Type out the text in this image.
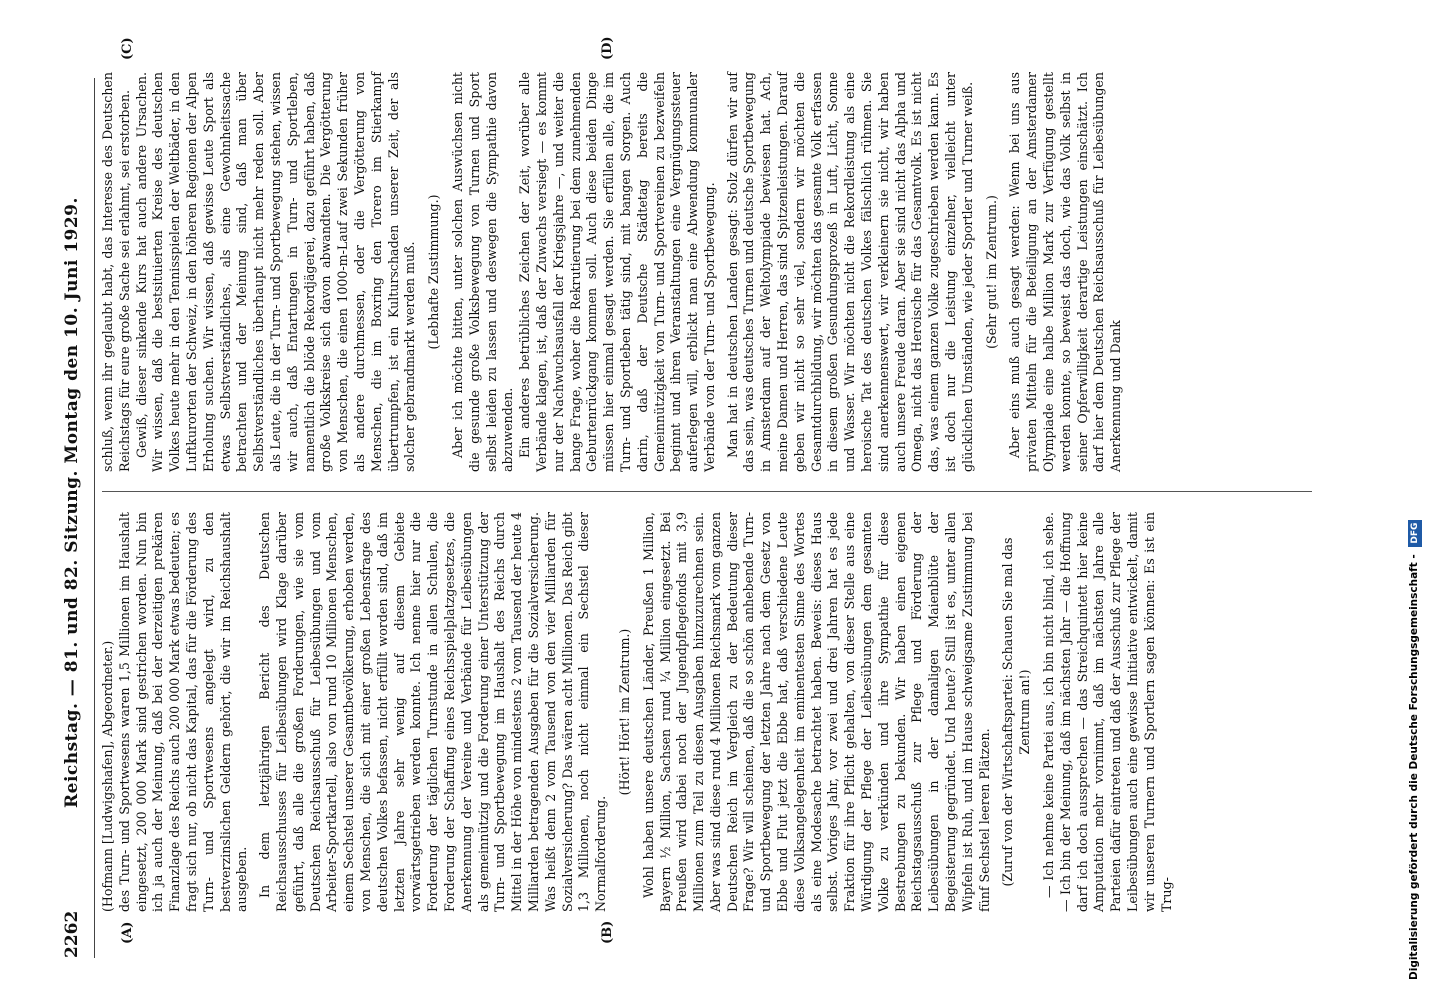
2262
Reichstag. — 81. und 82. Sitzung. Montag den 10. Juni 1929.
(A)	(B)
(C)	(D)

(Hofmann [Ludwigshafen], Abgeordneter.) des Turn- und Sportwesens waren 1,5 Millionen im Haushalt eingesetzt, 200 000 Mark sind gestrichen worden. Nun bin ich ja auch der Meinung, daß bei der derzeitigen prekären Finanzlage des Reichs auch 200 000 Mark etwas bedeuten; es fragt sich nur, ob nicht das Kapital, das für die Förderung des Turn- und Sportwesens angelegt wird, zu den bestverzinslichen Geldern gehört, die wir im Reichshaushalt ausgeben. In dem letztjährigen Bericht des Deutschen Reichsausschusses für Leibesübungen wird Klage darüber geführt, daß alle die großen Forderungen, wie sie vom Deutschen Reichsausschuß für Leibesübungen und vom Arbeiter-Sportkartell, also von rund 10 Millionen Menschen, einem Sechstel unserer Gesamtbevölkerung, erhoben werden, von Menschen, die sich mit einer großen Lebensfrage des deutschen Volkes befassen, nicht erfüllt worden sind, daß im letzten Jahre sehr wenig auf diesem Gebiete vorwärtsgetrieben werden konnte. Ich nenne hier nur die Forderung der täglichen Turnstunde in allen Schulen, die Forderung der Schaffung eines Reichsspielplatzgesetzes, die Anerkennung der Vereine und Verbände für Leibesübungen als gemeinnützig und die Forderung einer Unterstützung der Turn- und Sportbewegung im Haushalt des Reichs durch Mittel in der Höhe von mindestens 2 vom Tausend der heute 4 Milliarden betragenden Ausgaben für die Sozialversicherung. Was heißt denn 2 vom Tausend von den vier Milliarden für Sozialversicherung? Das wären acht Millionen. Das Reich gibt 1,3 Millionen, noch nicht einmal ein Sechstel dieser Normalforderung.

(Hört! Hört! im Zentrum.) Wohl haben unsere deutschen Länder, Preußen 1 Million, Bayern ½ Million, Sachsen rund ¼ Million eingesetzt. Bei Preußen wird dabei noch der Jugendpflegefonds mit 3,9 Millionen zum Teil zu diesen Ausgaben hinzuzurechnen sein. Aber was sind diese rund 4 Millionen Reichsmark vom ganzen Deutschen Reich im Vergleich zu der Bedeutung dieser Frage? Wir will scheinen, daß die so schön anhebende Turn- und Sportbewegung der letzten Jahre nach dem Gesetz von Ebbe und Flut jetzt die Ebbe hat, daß verschiedene Leute diese Volksangelegenheit im eminentesten Sinne des Wortes als eine Modesache betrachtet haben. Beweis: dieses Haus selbst. Voriges Jahr, vor zwei und drei Jahren hat es jede Fraktion für ihre Pflicht gehalten, von dieser Stelle aus eine Würdigung der Pflege der Leibesübungen dem gesamten Volke zu verkünden und ihre Sympathie für diese Bestrebungen zu bekunden. Wir haben einen eigenen Reichstagsausschuß zur Pflege und Förderung der Leibesübungen in der damaligen Maienblüte der Begeisterung gegründet. Und heute? Still ist es, unter allen Wipfeln ist Ruh, und im Hause schweigsame Zustimmung bei fünf Sechstel leeren Plätzen. (Zuruf von der Wirtschaftspartei: Schauen Sie mal das Zentrum an!) — Ich nehme keine Partei aus, ich bin nicht blind, ich sehe. — Ich bin der Meinung, daß im nächsten Jahr — die Hoffnung darf ich doch aussprechen — das Streichquintett hier keine Amputation mehr vornimmt, daß im nächsten Jahre alle Parteien dafür eintreten und daß der Ausschuß zur Pflege der Leibesübungen auch eine gewisse Initiative entwickelt, damit wir unseren Turnern und Sportlern sagen können: Es ist ein Trug-

schluß, wenn ihr geglaubt habt, das Interesse des Deutschen Reichstags für eure große Sache sei erlahmt, sei erstorben. Gewiß, dieser sinkende Kurs hat auch andere Ursachen. Wir wissen, daß die bestsituierten Kreise des deutschen Volkes heute mehr in den Tennisspielen der Weltbäder, in den Luftkurorten der Schweiz, in den höheren Regionen der Alpen Erholung suchen. Wir wissen, daß gewisse Leute Sport als etwas Selbstverständliches, als eine Gewohnheitssache betrachten und der Meinung sind, daß man über Selbstverständliches überhaupt nicht mehr reden soll. Aber als Leute, die in der Turn- und Sportbewegung stehen, wissen wir auch, daß Entartungen in Turn- und Sportleben, namentlich die blöde Rekordjägerei, dazu geführt haben, daß große Volkskreise sich davon abwandten. Die Vergötterung von Menschen, die einen 1000-m-Lauf zwei Sekunden früher als andere durchmessen, oder die Vergötterung von Menschen, die im Boxring den Torero im Stierkampf übertrumpfen, ist ein Kulturschaden unserer Zeit, der als solcher gebrandmarkt werden muß. (Lebhafte Zustimmung.) Aber ich möchte bitten, unter solchen Auswüchsen nicht die gesunde große Volksbewegung von Turnen und Sport selbst leiden zu lassen und deswegen die Sympathie davon abzuwenden. Ein anderes betrübliches Zeichen der Zeit, worüber alle Verbände klagen, ist, daß der Zuwachs versiegt — es kommt nur der Nachwuchsausfall der Kriegsjahre —, und weiter die bange Frage, woher die Rekrutierung bei dem zunehmenden Geburtenrückgang kommen soll. Auch diese beiden Dinge müssen hier einmal gesagt werden. Sie erfüllen alle, die im Turn- und Sportleben tätig sind, mit bangen Sorgen. Auch darin, daß der Deutsche Städtetag bereits die Gemeinnützigkeit von Turn- und Sportvereinen zu bezweifeln beginnt und ihren Veranstaltungen eine Vergnügungssteuer auferlegen will, erblickt man eine Abwendung kommunaler Verbände von der Turn- und Sportbewegung. Man hat in deutschen Landen gesagt: Stolz dürfen wir auf das sein, was deutsches Turnen und deutsche Sportbewegung in Amsterdam auf der Weltolympiade bewiesen hat. Ach, meine Damen und Herren, das sind Spitzenleistungen. Darauf geben wir nicht so sehr viel, sondern wir möchten die Gesamtdurchbildung, wir möchten das gesamte Volk erfassen in diesem großen Gesundungsprozeß in Luft, Licht, Sonne und Wasser. Wir möchten nicht die Rekordleistung als eine heroische Tat des deutschen Volkes fälschlich rühmen. Sie sind anerkennenswert, wir verkleinern sie nicht, wir haben auch unsere Freude daran. Aber sie sind nicht das Alpha und Omega, nicht das Heroische für das Gesamtvolk. Es ist nicht das, was einem ganzen Volke zugeschrieben werden kann. Es ist doch nur die Leistung einzelner, vielleicht unter glücklichen Umständen, wie jeder Sportler und Turner weiß. (Sehr gut! im Zentrum.) Aber eins muß auch gesagt werden: Wenn bei uns aus privaten Mitteln für die Beteiligung an der Amsterdamer Olympiade eine halbe Million Mark zur Verfügung gestellt werden konnte, so beweist das doch, wie das Volk selbst in seiner Opferwilligkeit derartige Leistungen einschätzt. Ich darf hier dem Deutschen Reichsausschuß für Leibesübungen Anerkennung und Dank

Digitalisierung gefördert durch die Deutsche Forschungsgemeinschaft - DFG
